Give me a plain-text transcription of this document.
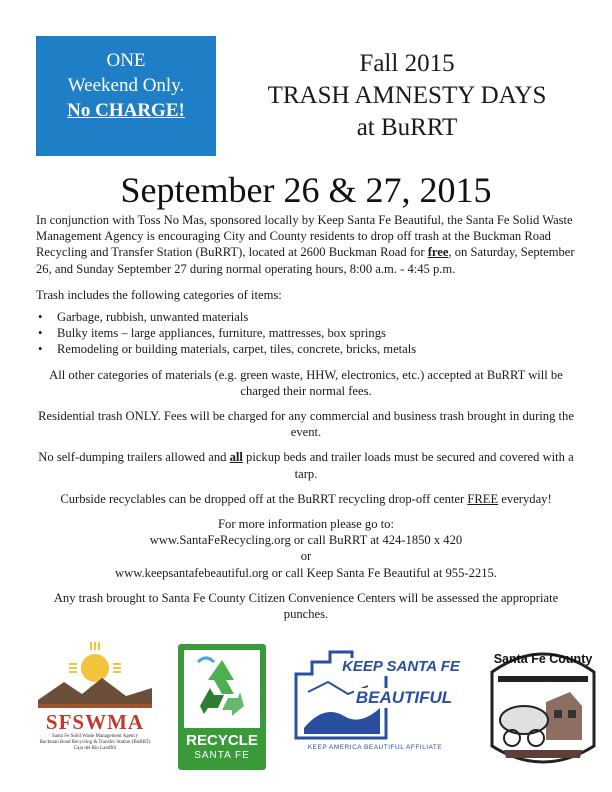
ONE
Weekend Only.
No CHARGE!
Fall 2015
TRASH AMNESTY DAYS
at BuRRT
September 26 & 27, 2015

In conjunction with Toss No Mas, sponsored locally by Keep Santa Fe Beautiful, the Santa Fe Solid Waste Management Agency is encouraging City and County residents to drop off trash at the Buckman Road Recycling and Transfer Station (BuRRT), located at 2600 Buckman Road for free, on Saturday, September 26, and Sunday September 27 during normal operating hours, 8:00 a.m. - 4:45 p.m.

Trash includes the following categories of items:

• Garbage, rubbish, unwanted materials
• Bulky items – large appliances, furniture, mattresses, box springs
• Remodeling or building materials, carpet, tiles, concrete, bricks, metals

All other categories of materials (e.g. green waste, HHW, electronics, etc.) accepted at BuRRT will be charged their normal fees.

Residential trash ONLY. Fees will be charged for any commercial and business trash brought in during the event.

No self-dumping trailers allowed and all pickup beds and trailer loads must be secured and covered with a tarp.

Curbside recyclables can be dropped off at the BuRRT recycling drop-off center FREE everyday!

For more information please go to:

www.SantaFeRecycling.org or call BuRRT at 424-1850 x 420

or

www.keepsantafebeautiful.org or call Keep Santa Fe Beautiful at 955-2215.

Any trash brought to Santa Fe County Citizen Convenience Centers will be assessed the appropriate punches.

SFSWMA
Santa Fe Solid Waste Management Agency
Buckman Road Recycling & Transfer Station (BuRRT)
Caja del Rio Landfill	RECYCLE
SANTA FE
KEEP SANTA FE
BEAUTIFUL
KEEP AMERICA BEAUTIFUL AFFILIATE
Santa Fe County
